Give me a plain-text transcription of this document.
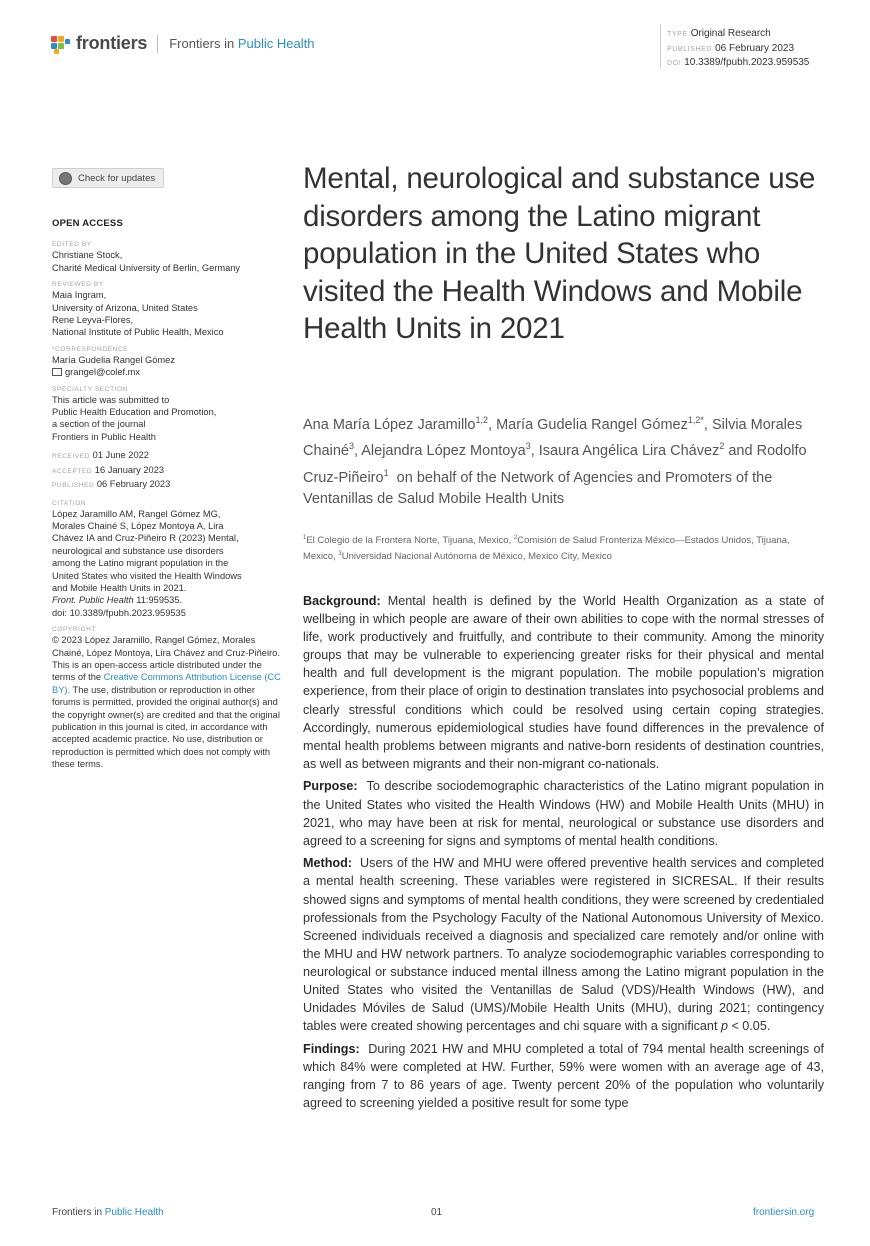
frontiers Frontiers in Public Health
TYPE Original Research
PUBLISHED 06 February 2023
DOI 10.3389/fpubh.2023.959535
Check for updates
OPEN ACCESS
EDITED BY
Christiane Stock,
Charité Medical University of Berlin, Germany
REVIEWED BY
Maia Ingram,
University of Arizona, United States
Rene Leyva-Flores,
National Institute of Public Health, Mexico
*CORRESPONDENCE
María Gudelia Rangel Gómez
grangel@colef.mx
SPECIALTY SECTION
This article was submitted to
Public Health Education and Promotion,
a section of the journal
Frontiers in Public Health
RECEIVED 01 June 2022
ACCEPTED 16 January 2023
PUBLISHED 06 February 2023
CITATION
López Jaramillo AM, Rangel Gómez MG,
Morales Chainé S, López Montoya A, Lira
Chávez IA and Cruz-Piñeiro R (2023) Mental,
neurological and substance use disorders
among the Latino migrant population in the
United States who visited the Health Windows
and Mobile Health Units in 2021.
Front. Public Health 11:959535.
doi: 10.3389/fpubh.2023.959535
COPYRIGHT
© 2023 López Jaramillo, Rangel Gómez, Morales Chainé, López Montoya, Lira Chávez and Cruz-Piñeiro. This is an open-access article distributed under the terms of the Creative Commons Attribution License (CC BY). The use, distribution or reproduction in other forums is permitted, provided the original author(s) and the copyright owner(s) are credited and that the original publication in this journal is cited, in accordance with accepted academic practice. No use, distribution or reproduction is permitted which does not comply with these terms.
Mental, neurological and substance use disorders among the Latino migrant population in the United States who visited the Health Windows and Mobile Health Units in 2021
Ana María López Jaramillo$^{1,2}$, María Gudelia Rangel Gómez$^{1,2*}$, Silvia Morales Chainé$^3$, Alejandra López Montoya$^3$, Isaura Angélica Lira Chávez$^2$ and Rodolfo Cruz-Piñeiro$^1$ on behalf of the Network of Agencies and Promoters of the Ventanillas de Salud Mobile Health Units
$^1$El Colegio de la Frontera Norte, Tijuana, Mexico, $^2$Comisión de Salud Fronteriza México—Estados Unidos, Tijuana, Mexico, $^3$Universidad Nacional Autónoma de México, Mexico City, Mexico

Background: Mental health is defined by the World Health Organization as a state of wellbeing in which people are aware of their own abilities to cope with the normal stresses of life, work productively and fruitfully, and contribute to their community. Among the minority groups that may be vulnerable to experiencing greater risks for their physical and mental health and full development is the migrant population. The mobile population’s migration experience, from their place of origin to destination translates into psychosocial problems and clearly stressful conditions which could be resolved using certain coping strategies. Accordingly, numerous epidemiological studies have found differences in the prevalence of mental health problems between migrants and native-born residents of destination countries, as well as between migrants and their non-migrant co-nationals.

Purpose: To describe sociodemographic characteristics of the Latino migrant population in the United States who visited the Health Windows (HW) and Mobile Health Units (MHU) in 2021, who may have been at risk for mental, neurological or substance use disorders and agreed to a screening for signs and symptoms of mental health conditions.

Method: Users of the HW and MHU were offered preventive health services and completed a mental health screening. These variables were registered in SICRESAL. If their results showed signs and symptoms of mental health conditions, they were screened by credentialed professionals from the Psychology Faculty of the National Autonomous University of Mexico. Screened individuals received a diagnosis and specialized care remotely and/or online with the MHU and HW network partners. To analyze sociodemographic variables corresponding to neurological or substance induced mental illness among the Latino migrant population in the United States who visited the Ventanillas de Salud (VDS)/Health Windows (HW), and Unidades Móviles de Salud (UMS)/Mobile Health Units (MHU), during 2021; contingency tables were created showing percentages and chi square with a significant p < 0.05.

Findings: During 2021 HW and MHU completed a total of 794 mental health screenings of which 84% were completed at HW. Further, 59% were women with an average age of 43, ranging from 7 to 86 years of age. Twenty percent 20% of the population who voluntarily agreed to screening yielded a positive result for some type

Frontiers in Public Health	01	frontiersin.org
